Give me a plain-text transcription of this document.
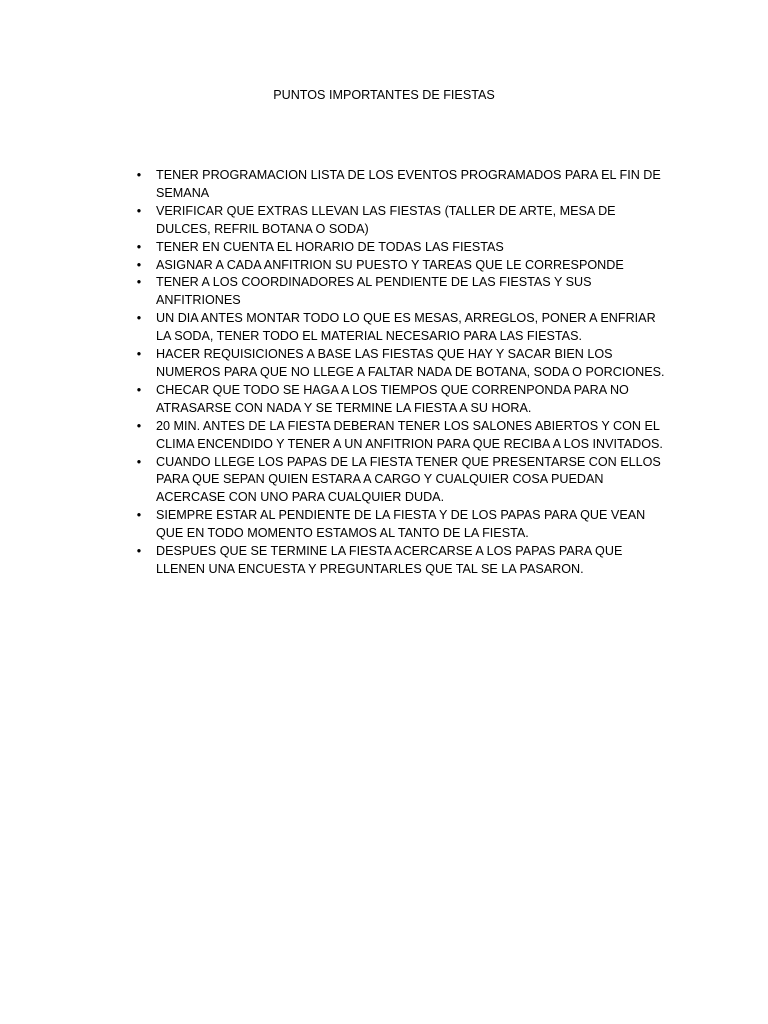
PUNTOS IMPORTANTES DE FIESTAS
•	TENER PROGRAMACION LISTA DE LOS EVENTOS PROGRAMADOS PARA EL FIN DE SEMANA
•	VERIFICAR QUE EXTRAS LLEVAN LAS FIESTAS (TALLER DE ARTE, MESA DE DULCES, REFRIL BOTANA O SODA)
•	TENER EN CUENTA EL HORARIO DE TODAS LAS FIESTAS
•	ASIGNAR A CADA ANFITRION SU PUESTO Y TAREAS QUE LE CORRESPONDE
•	TENER A LOS COORDINADORES AL PENDIENTE DE LAS FIESTAS Y SUS ANFITRIONES
•	UN DIA ANTES MONTAR TODO LO QUE ES MESAS, ARREGLOS, PONER A ENFRIAR LA SODA, TENER TODO EL MATERIAL NECESARIO PARA LAS FIESTAS.
•	HACER REQUISICIONES A BASE LAS FIESTAS QUE HAY Y SACAR BIEN LOS NUMEROS PARA QUE NO LLEGE A FALTAR NADA DE BOTANA, SODA O PORCIONES.
•	CHECAR QUE TODO SE HAGA A LOS TIEMPOS QUE CORRENPONDA PARA NO ATRASARSE CON NADA Y SE TERMINE LA FIESTA A SU HORA.
•	20 MIN. ANTES DE LA FIESTA DEBERAN TENER LOS SALONES ABIERTOS Y CON EL CLIMA ENCENDIDO Y TENER A UN ANFITRION PARA QUE RECIBA A LOS INVITADOS.
•	CUANDO LLEGE LOS PAPAS DE LA FIESTA TENER QUE PRESENTARSE CON ELLOS PARA QUE SEPAN QUIEN ESTARA A CARGO Y CUALQUIER COSA PUEDAN ACERCASE CON UNO PARA CUALQUIER DUDA.
•	SIEMPRE ESTAR AL PENDIENTE DE LA FIESTA Y DE LOS PAPAS PARA QUE VEAN QUE EN TODO MOMENTO ESTAMOS AL TANTO DE LA FIESTA.
•	DESPUES QUE SE TERMINE LA FIESTA ACERCARSE A LOS PAPAS PARA QUE LLENEN UNA ENCUESTA Y PREGUNTARLES QUE TAL SE LA PASARON.
